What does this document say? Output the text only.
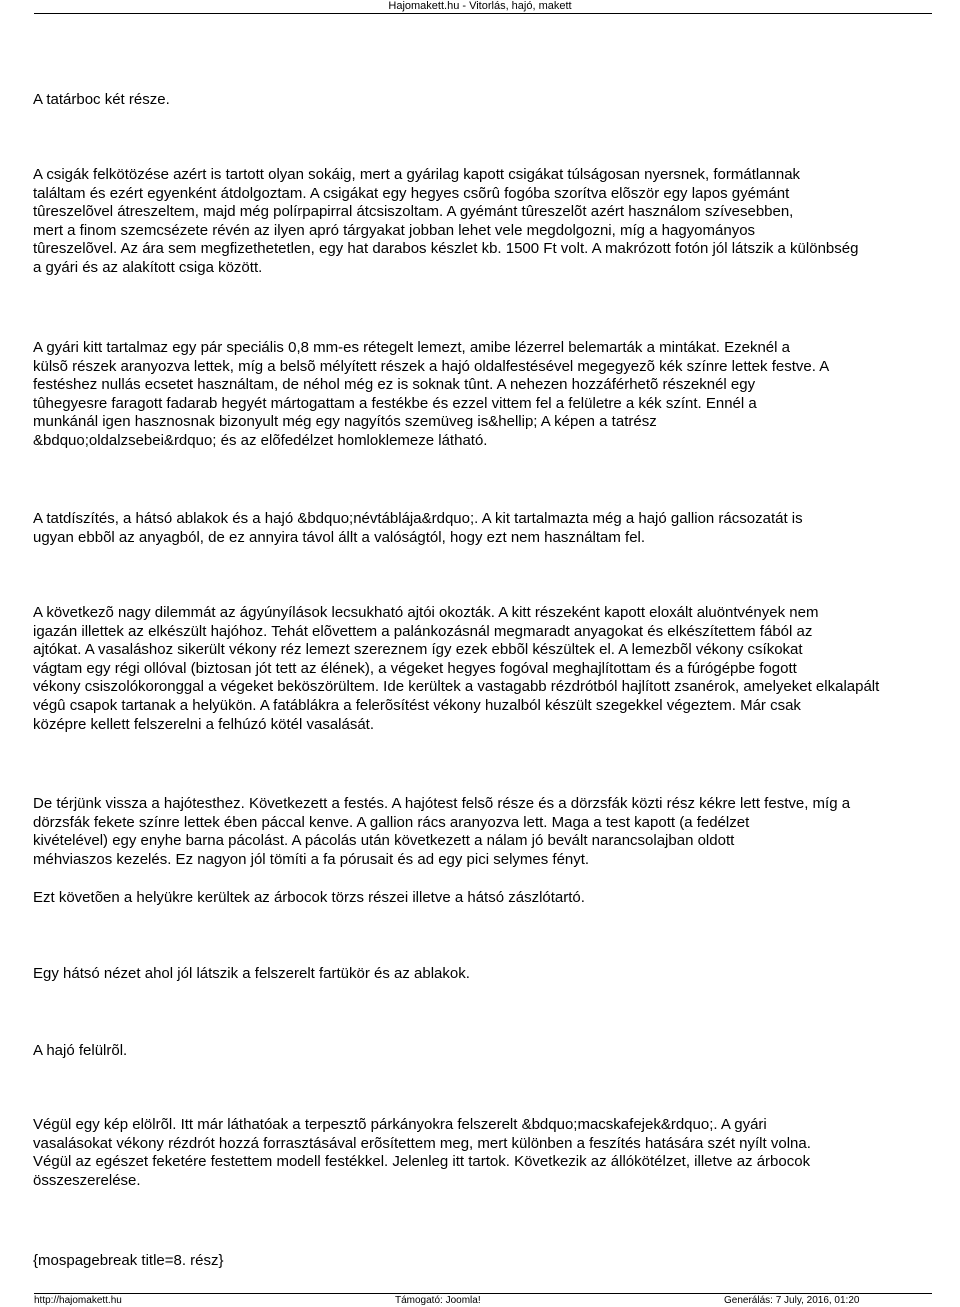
Hajomakett.hu - Vitorlás, hajó, makett

A tatárboc két része.

A csigák felkötözése azért is tartott olyan sokáig, mert a gyárilag kapott csigákat túlságosan nyersnek, formátlannak
találtam és ezért egyenként átdolgoztam. A csigákat egy hegyes csõrû fogóba szorítva elõször egy lapos gyémánt
tûreszelõvel átreszeltem, majd még polírpapirral átcsiszoltam. A gyémánt tûreszelõt azért használom szívesebben,
mert a finom szemcsézete révén az ilyen apró tárgyakat jobban lehet vele megdolgozni, míg a hagyományos
tûreszelõvel. Az ára sem megfizethetetlen, egy hat darabos készlet kb. 1500 Ft volt. A makrózott fotón jól látszik a különbség
a gyári és az alakított csiga között.

A gyári kitt tartalmaz egy pár speciális 0,8 mm-es rétegelt lemezt, amibe lézerrel belemarták a mintákat. Ezeknél a
külsõ részek aranyozva lettek, míg a belsõ mélyített részek a hajó oldalfestésével megegyezõ kék színre lettek festve. A
festéshez nullás ecsetet használtam, de néhol még ez is soknak tûnt. A nehezen hozzáférhetõ részeknél egy
tûhegyesre faragott fadarab hegyét mártogattam a festékbe és ezzel vittem fel a felületre a kék színt. Ennél a
munkánál igen hasznosnak bizonyult még egy nagyítós szemüveg is&hellip; A képen a tatrész
&bdquo;oldalzsebei&rdquo; és az elõfedélzet homloklemeze látható.

A tatdíszítés, a hátsó ablakok és a hajó &bdquo;névtáblája&rdquo;. A kit tartalmazta még a hajó gallion rácsozatát is
ugyan ebbõl az anyagból, de ez annyira távol állt a valóságtól, hogy ezt nem használtam fel.

A következõ nagy dilemmát az ágyúnyílások lecsukható ajtói okozták. A kitt részeként kapott eloxált aluöntvények nem
igazán illettek az elkészült hajóhoz. Tehát elõvettem a palánkozásnál megmaradt anyagokat és elkészítettem fából az
ajtókat. A vasaláshoz sikerült vékony réz lemezt szereznem így ezek ebbõl készültek el. A lemezbõl vékony csíkokat
vágtam egy régi ollóval (biztosan jót tett az élének), a végeket hegyes fogóval meghajlítottam és a fúrógépbe fogott
vékony csiszolókoronggal a végeket beköszörültem. Ide kerültek a vastagabb rézdrótból hajlított zsanérok, amelyeket elkalapált
végû csapok tartanak a helyükön. A fatáblákra a felerõsítést vékony huzalból készült szegekkel végeztem. Már csak
középre kellett felszerelni a felhúzó kötél vasalását.

De térjünk vissza a hajótesthez. Következett a festés. A hajótest felsõ része és a dörzsfák közti rész kékre lett festve, míg a
dörzsfák fekete színre lettek ében páccal kenve. A gallion rács aranyozva lett. Maga a test kapott (a fedélzet
kivételével) egy enyhe barna pácolást. A pácolás után következett a nálam jó bevált narancsolajban oldott
méhviaszos kezelés. Ez nagyon jól tömíti a fa pórusait és ad egy pici selymes fényt.

Ezt követõen a helyükre kerültek az árbocok törzs részei illetve a hátsó zászlótartó.

Egy hátsó nézet ahol jól látszik a felszerelt fartükör és az ablakok.

A hajó felülrõl.

Végül egy kép elölrõl. Itt már láthatóak a terpesztõ párkányokra felszerelt &bdquo;macskafejek&rdquo;. A gyári
vasalásokat vékony rézdrót hozzá forrasztásával erõsítettem meg, mert különben a feszítés hatására szét nyílt volna.
Végül az egészet feketére festettem modell festékkel. Jelenleg itt tartok. Következik az állókötélzet, illetve az árbocok
összeszerelése.

{mospagebreak title=8. rész}

http://hajomakett.hu	Támogató: Joomla!	Generálás: 7 July, 2016, 01:20
